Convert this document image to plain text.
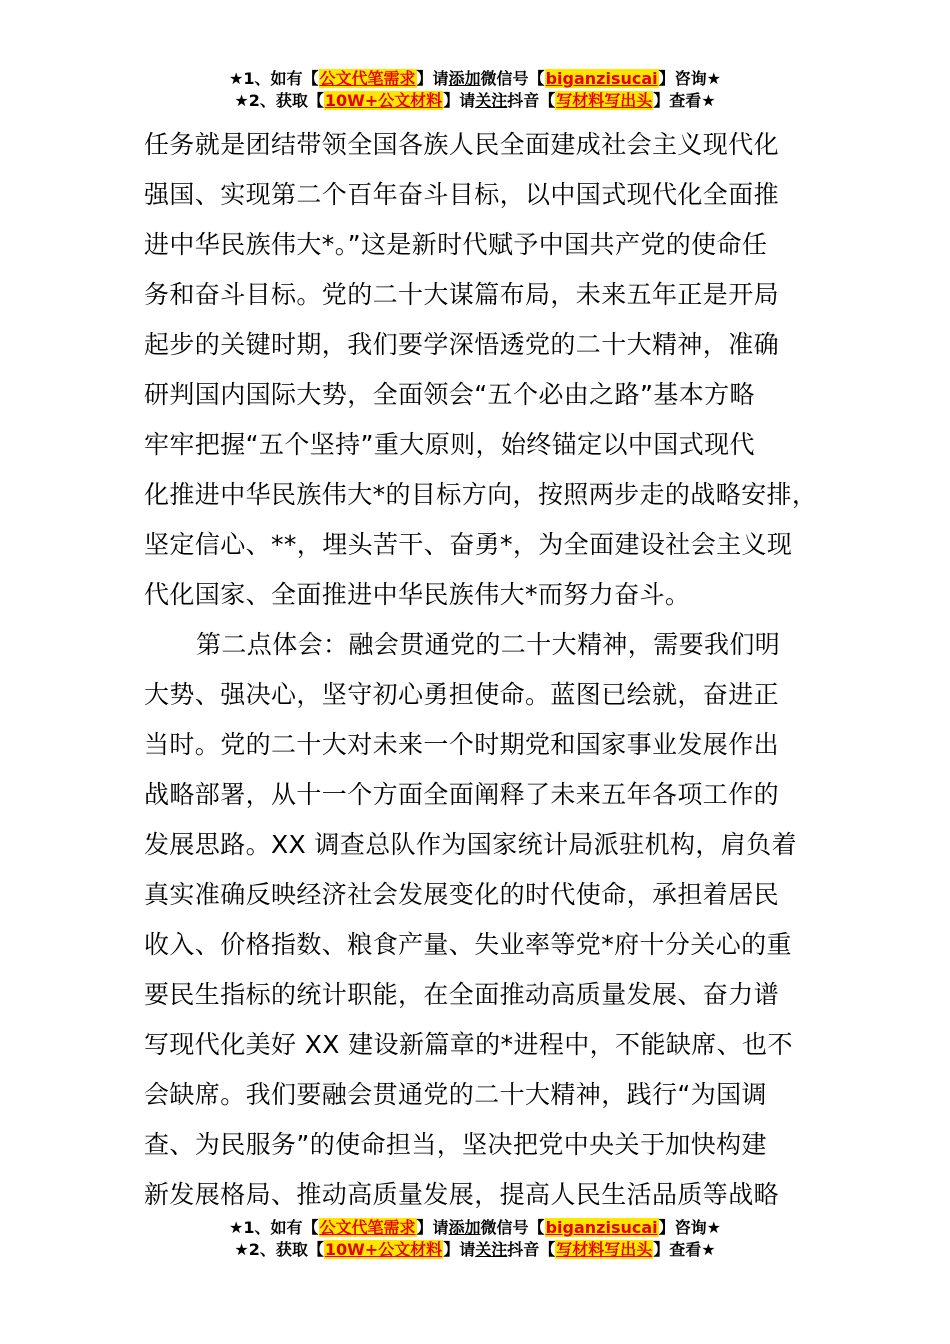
★1、如有【公文代笔需求】请添加微信号【biganzisucai】咨询★
★2、获取【10W+公文材料】请关注抖音【写材料写出头】查看★
任务就是团结带领全国各族人民全面建成社会主义现代化
强国、实现第二个百年奋斗目标，以中国式现代化全面推
进中华民族伟大*。”这是新时代赋予中国共产党的使命任
务和奋斗目标。党的二十大谋篇布局，未来五年正是开局
起步的关键时期，我们要学深悟透党的二十大精神，准确
研判国内国际大势，全面领会“五个必由之路”基本方略
牢牢把握“五个坚持”重大原则，始终锚定以中国式现代
化推进中华民族伟大*的目标方向，按照两步走的战略安排，
坚定信心、**，埋头苦干、奋勇*，为全面建设社会主义现
代化国家、全面推进中华民族伟大*而努力奋斗。
第二点体会：融会贯通党的二十大精神，需要我们明
大势、强决心，坚守初心勇担使命。蓝图已绘就，奋进正
当时。党的二十大对未来一个时期党和国家事业发展作出
战略部署，从十一个方面全面阐释了未来五年各项工作的
发展思路。XX 调查总队作为国家统计局派驻机构，肩负着
真实准确反映经济社会发展变化的时代使命，承担着居民
收入、价格指数、粮食产量、失业率等党*府十分关心的重
要民生指标的统计职能，在全面推动高质量发展、奋力谱
写现代化美好 XX 建设新篇章的*进程中，不能缺席、也不
会缺席。我们要融会贯通党的二十大精神，践行“为国调
查、为民服务”的使命担当，坚决把党中央关于加快构建
新发展格局、推动高质量发展，提高人民生活品质等战略
★1、如有【公文代笔需求】请添加微信号【biganzisucai】咨询★
★2、获取【10W+公文材料】请关注抖音【写材料写出头】查看★
